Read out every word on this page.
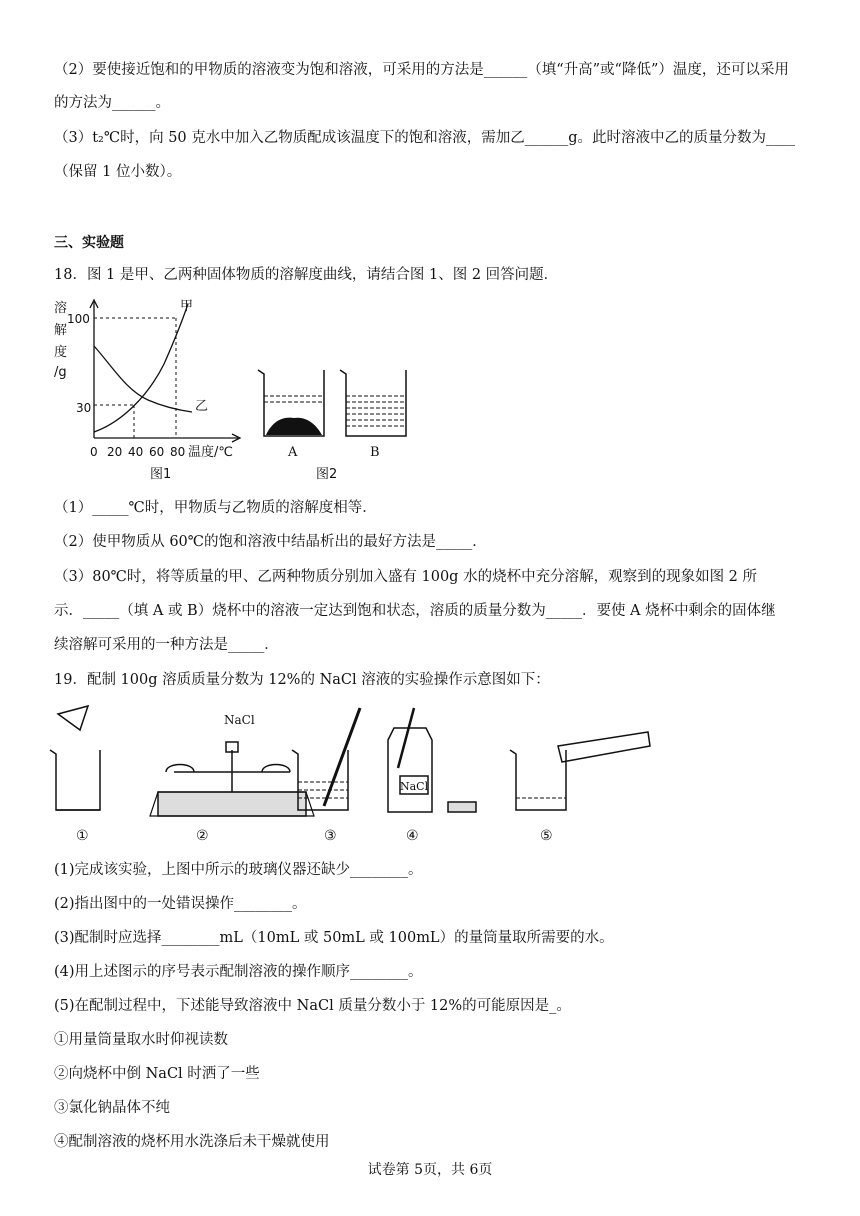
（2）要使接近饱和的甲物质的溶液变为饱和溶液，可采用的方法是______（填“升高”或“降低”）温度，还可以采用
的方法为______。
（3）t₂℃时，向 50 克水中加入乙物质配成该温度下的饱和溶液，需加乙______g。此时溶液中乙的质量分数为____
（保留 1 位小数）。
三、实验题
18．图 1 是甲、乙两种固体物质的溶解度曲线，请结合图 1、图 2 回答问题．
溶
解
度
/g
100
30
0 20 40 60 80 温度/℃
甲
乙
图1
A	B
图2
（1）_____℃时，甲物质与乙物质的溶解度相等．
（2）使甲物质从 60℃的饱和溶液中结晶析出的最好方法是_____．
（3）80℃时，将等质量的甲、乙两种物质分别加入盛有 100g 水的烧杯中充分溶解，观察到的现象如图 2 所
示．_____（填 A 或 B）烧杯中的溶液一定达到饱和状态，溶质的质量分数为_____．要使 A 烧杯中剩余的固体继
续溶解可采用的一种方法是_____．
19．配制 100g 溶质质量分数为 12%的 NaCl 溶液的实验操作示意图如下：
NaCl
NaCl
①	②	③	④	⑤
(1)完成该实验，上图中所示的玻璃仪器还缺少________。
(2)指出图中的一处错误操作________。
(3)配制时应选择________mL（10mL 或 50mL 或 100mL）的量筒量取所需要的水。
(4)用上述图示的序号表示配制溶液的操作顺序________。
(5)在配制过程中，下述能导致溶液中 NaCl 质量分数小于 12%的可能原因是_。
①用量筒量取水时仰视读数
②向烧杯中倒 NaCl 时洒了一些
③氯化钠晶体不纯
④配制溶液的烧杯用水洗涤后未干燥就使用
试卷第 5页，共 6页
